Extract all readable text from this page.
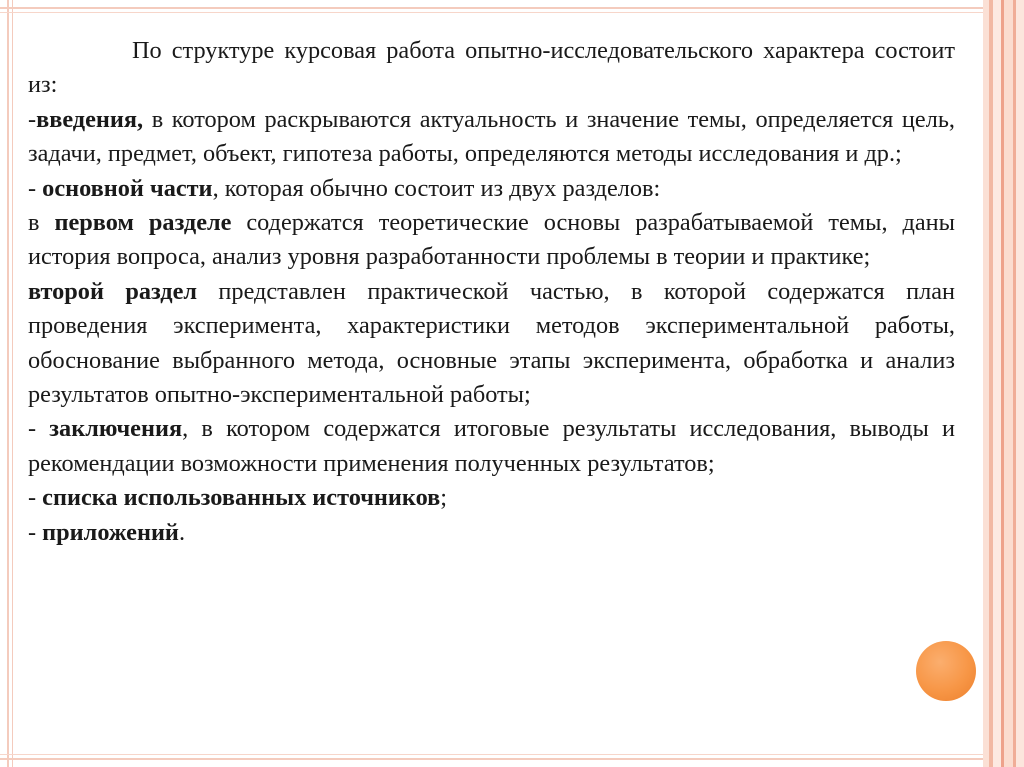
По структуре курсовая работа опытно-исследовательского характера состоит из:

-введения, в котором раскрываются актуальность и значение темы, определяется цель, задачи, предмет, объект, гипотеза работы, определяются методы исследования и др.;

- основной части, которая обычно состоит из двух разделов:

в первом разделе содержатся теоретические основы разрабатываемой темы, даны история вопроса, анализ уровня разработанности проблемы в теории и практике;

второй раздел представлен практической частью, в которой содержатся план проведения эксперимента, характеристики методов экспериментальной работы, обоснование выбранного метода, основные этапы эксперимента, обработка и анализ результатов опытно-экспериментальной работы;

- заключения, в котором содержатся итоговые результаты исследования, выводы и рекомендации возможности применения полученных результатов;

- списка использованных источников;

- приложений.
